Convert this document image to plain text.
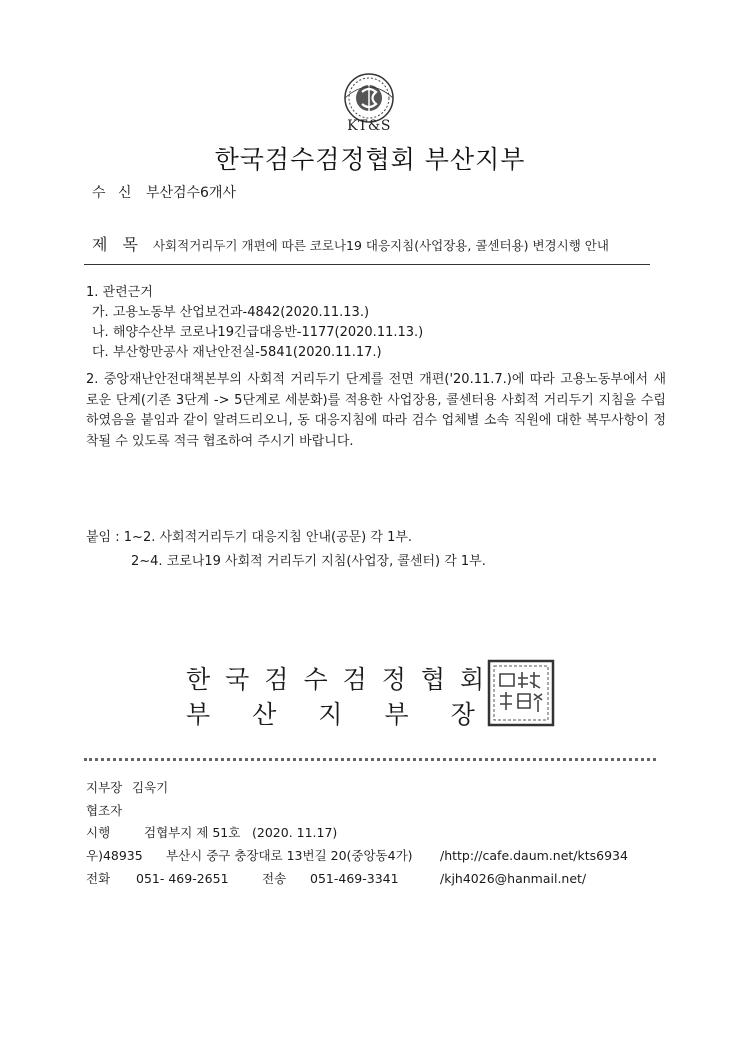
KT&S
한국검수검정협회 부산지부
수 신 부산검수6개사
제 목 사회적거리두기 개편에 따른 코로나19 대응지침(사업장용, 콜센터용) 변경시행 안내
1. 관련근거
가. 고용노동부 산업보건과-4842(2020.11.13.)
나. 해양수산부 코로나19긴급대응반-1177(2020.11.13.)
다. 부산항만공사 재난안전실-5841(2020.11.17.)
2. 중앙재난안전대책본부의 사회적 거리두기 단계를 전면 개편('20.11.7.)에 따라 고용노동부에서 새로운 단계(기존 3단계 -> 5단계로 세분화)를 적용한 사업장용, 콜센터용 사회적 거리두기 지침을 수립하였음을 붙임과 같이 알려드리오니, 동 대응지침에 따라 검수 업체별 소속 직원에 대한 복무사항이 정착될 수 있도록 적극 협조하여 주시기 바랍니다.
붙임 : 1~2. 사회적거리두기 대응지침 안내(공문) 각 1부.
2~4. 코로나19 사회적 거리두기 지침(사업장, 콜센터) 각 1부.
한국검수검정협회
부산지부장
지부장 김욱기
협조자
시행	검협부지 제 51호 (2020. 11.17)
우)48935 부산시 중구 충장대로 13번길 20(중앙동4가) /http://cafe.daum.net/kts6934
전화 051- 469-2651	전송 051-469-3341	/kjh4026@hanmail.net/
